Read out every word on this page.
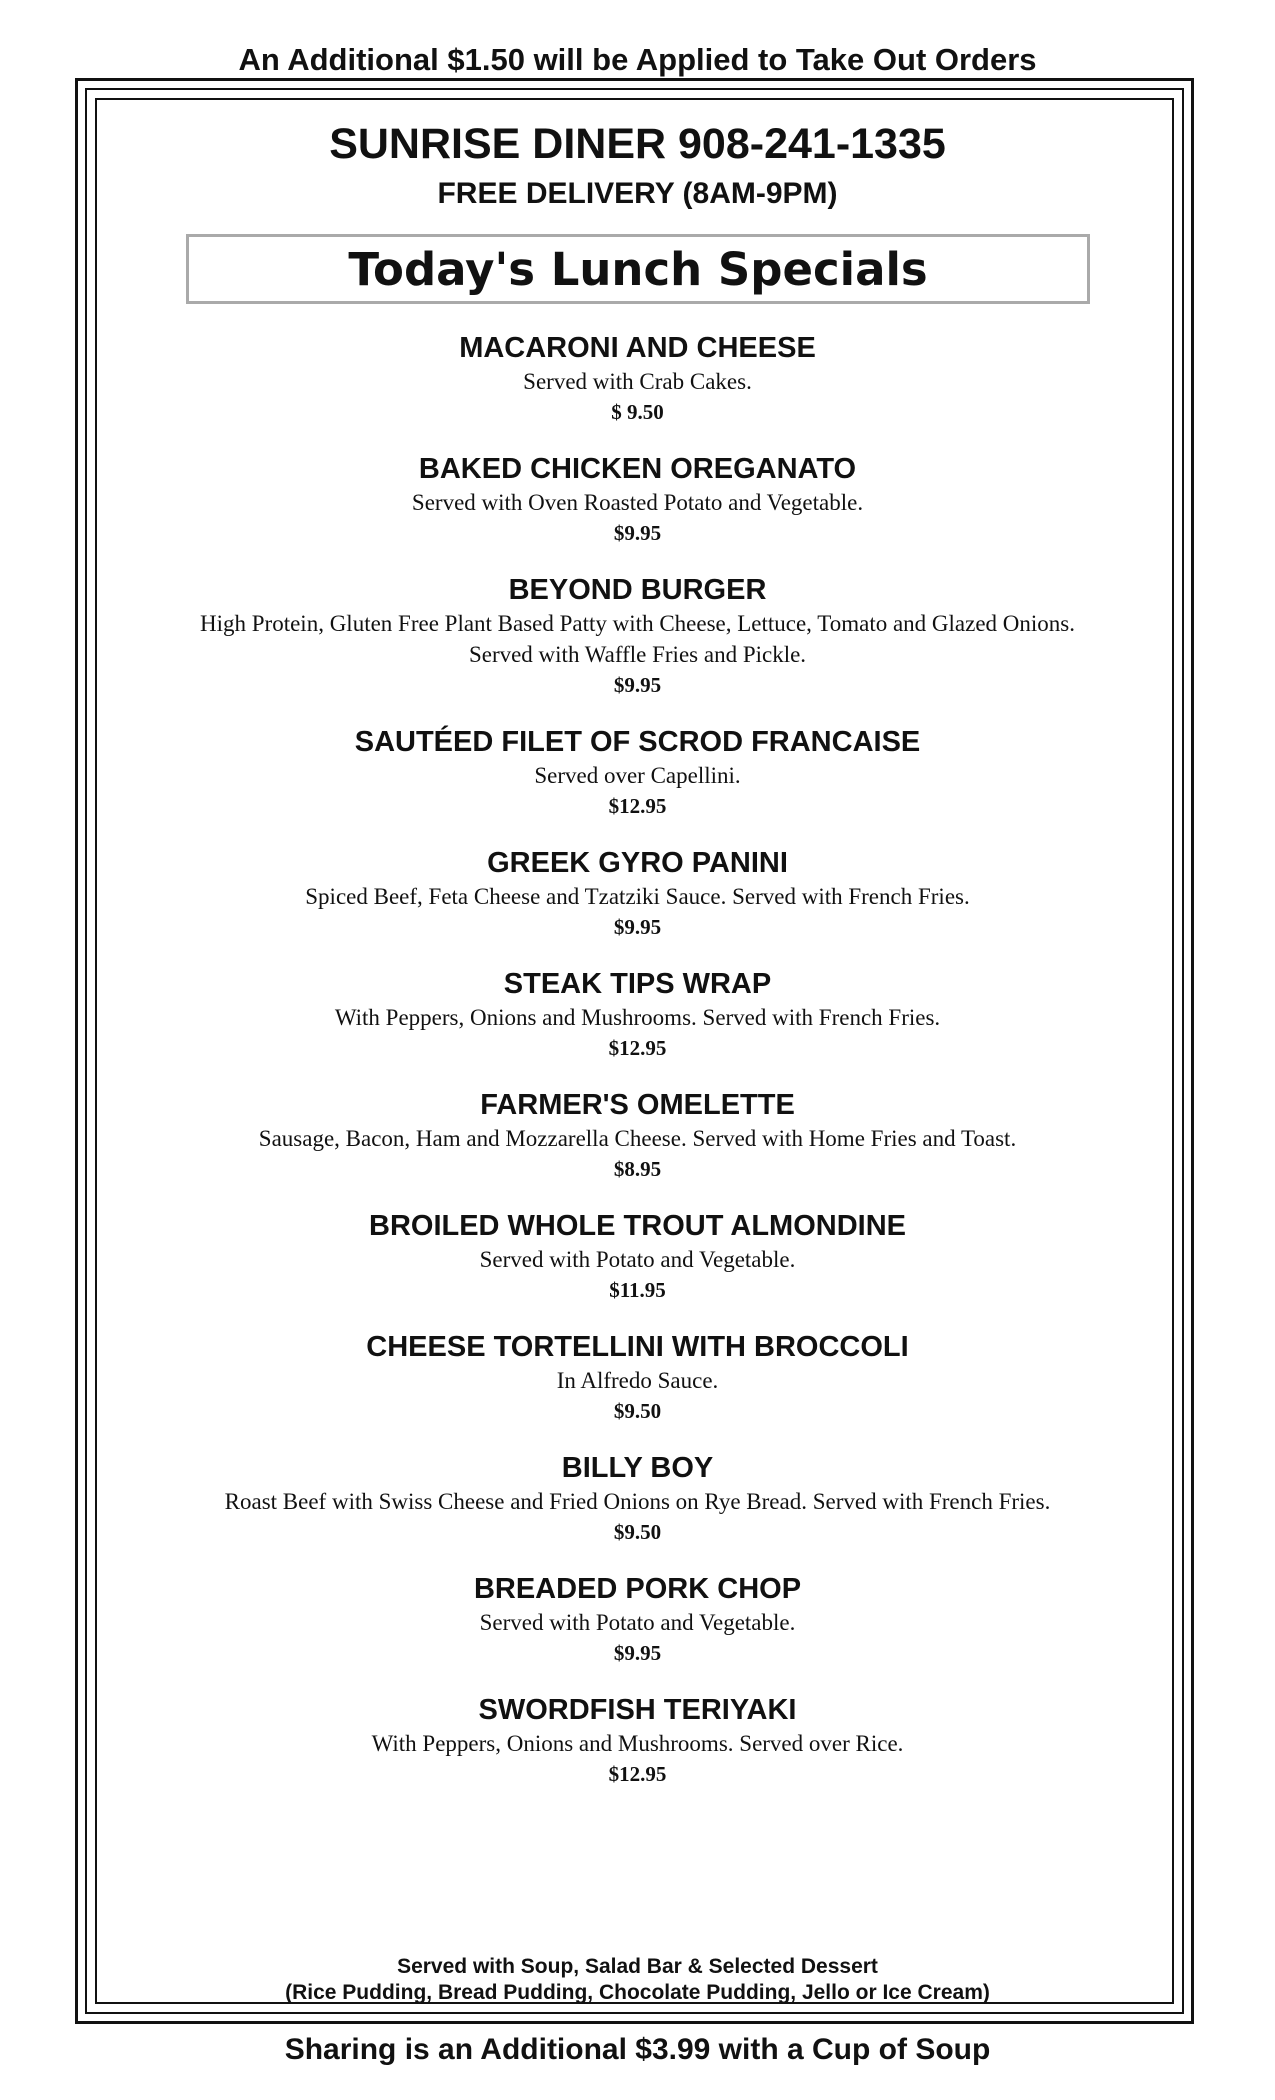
An Additional $1.50 will be Applied to Take Out Orders
SUNRISE DINER 908-241-1335
FREE DELIVERY (8AM-9PM)
Today's Lunch Specials
MACARONI AND CHEESE
Served with Crab Cakes.
$ 9.50
BAKED CHICKEN OREGANATO
Served with Oven Roasted Potato and Vegetable.
$9.95
BEYOND BURGER
High Protein, Gluten Free Plant Based Patty with Cheese, Lettuce, Tomato and Glazed Onions. Served with Waffle Fries and Pickle.
$9.95
SAUTÉED FILET OF SCROD FRANCAISE
Served over Capellini.
$12.95
GREEK GYRO PANINI
Spiced Beef, Feta Cheese and Tzatziki Sauce. Served with French Fries.
$9.95
STEAK TIPS WRAP
With Peppers, Onions and Mushrooms. Served with French Fries.
$12.95
FARMER'S OMELETTE
Sausage, Bacon, Ham and Mozzarella Cheese. Served with Home Fries and Toast.
$8.95
BROILED WHOLE TROUT ALMONDINE
Served with Potato and Vegetable.
$11.95
CHEESE TORTELLINI WITH BROCCOLI
In Alfredo Sauce.
$9.50
BILLY BOY
Roast Beef with Swiss Cheese and Fried Onions on Rye Bread. Served with French Fries.
$9.50
BREADED PORK CHOP
Served with Potato and Vegetable.
$9.95
SWORDFISH TERIYAKI
With Peppers, Onions and Mushrooms. Served over Rice.
$12.95
Served with Soup, Salad Bar & Selected Dessert
(Rice Pudding, Bread Pudding, Chocolate Pudding, Jello or Ice Cream)
Sharing is an Additional $3.99 with a Cup of Soup
